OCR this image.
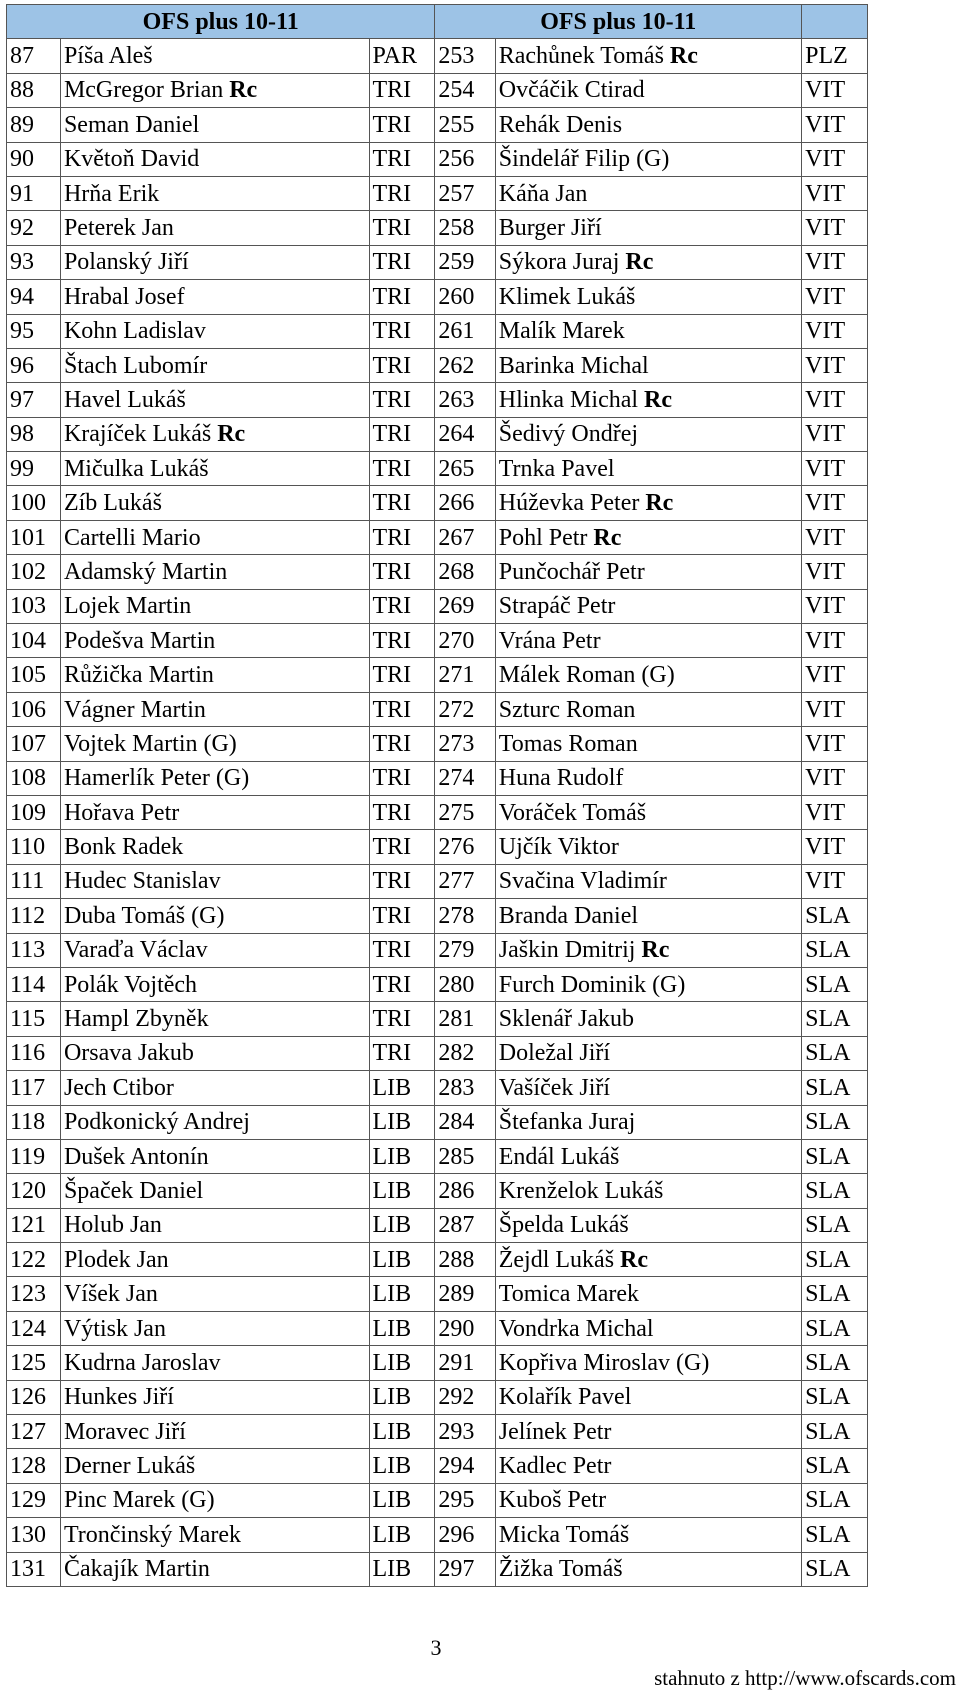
OFS plus 10-11			OFS plus 10-11		
87	Píša Aleš	PAR	253	Rachůnek Tomáš Rc	PLZ
88	McGregor Brian Rc	TRI	254	Ovčáčik Ctirad	VIT
89	Seman Daniel	TRI	255	Rehák Denis	VIT
90	Květoň David	TRI	256	Šindelář Filip (G)	VIT
91	Hrňa Erik	TRI	257	Káňa Jan	VIT
92	Peterek Jan	TRI	258	Burger Jiří	VIT
93	Polanský Jiří	TRI	259	Sýkora Juraj Rc	VIT
94	Hrabal Josef	TRI	260	Klimek Lukáš	VIT
95	Kohn Ladislav	TRI	261	Malík Marek	VIT
96	Štach Lubomír	TRI	262	Barinka Michal	VIT
97	Havel Lukáš	TRI	263	Hlinka Michal Rc	VIT
98	Krajíček Lukáš Rc	TRI	264	Šedivý Ondřej	VIT
99	Mičulka Lukáš	TRI	265	Trnka Pavel	VIT
100	Zíb Lukáš	TRI	266	Húževka Peter Rc	VIT
101	Cartelli Mario	TRI	267	Pohl Petr Rc	VIT
102	Adamský Martin	TRI	268	Punčochář Petr	VIT
103	Lojek Martin	TRI	269	Strapáč Petr	VIT
104	Podešva Martin	TRI	270	Vrána Petr	VIT
105	Růžička Martin	TRI	271	Málek Roman (G)	VIT
106	Vágner Martin	TRI	272	Szturc Roman	VIT
107	Vojtek Martin (G)	TRI	273	Tomas Roman	VIT
108	Hamerlík Peter (G)	TRI	274	Huna Rudolf	VIT
109	Hořava Petr	TRI	275	Voráček Tomáš	VIT
110	Bonk Radek	TRI	276	Ujčík Viktor	VIT
111	Hudec Stanislav	TRI	277	Svačina Vladimír	VIT
112	Duba Tomáš (G)	TRI	278	Branda Daniel	SLA
113	Varaďa Václav	TRI	279	Jaškin Dmitrij Rc	SLA
114	Polák Vojtěch	TRI	280	Furch Dominik (G)	SLA
115	Hampl Zbyněk	TRI	281	Sklenář Jakub	SLA
116	Orsava Jakub	TRI	282	Doležal Jiří	SLA
117	Jech Ctibor	LIB	283	Vašíček Jiří	SLA
118	Podkonický Andrej	LIB	284	Štefanka Juraj	SLA
119	Dušek Antonín	LIB	285	Endál Lukáš	SLA
120	Špaček Daniel	LIB	286	Krenželok Lukáš	SLA
121	Holub Jan	LIB	287	Špelda Lukáš	SLA
122	Plodek Jan	LIB	288	Žejdl Lukáš Rc	SLA
123	Víšek Jan	LIB	289	Tomica Marek	SLA
124	Výtisk Jan	LIB	290	Vondrka Michal	SLA
125	Kudrna Jaroslav	LIB	291	Kopřiva Miroslav (G)	SLA
126	Hunkes Jiří	LIB	292	Kolařík Pavel	SLA
127	Moravec Jiří	LIB	293	Jelínek Petr	SLA
128	Derner Lukáš	LIB	294	Kadlec Petr	SLA
129	Pinc Marek (G)	LIB	295	Kuboš Petr	SLA
130	Trončinský Marek	LIB	296	Micka Tomáš	SLA
131	Čakajík Martin	LIB	297	Žižka Tomáš	SLA
3
stahnuto z http://www.ofscards.com
